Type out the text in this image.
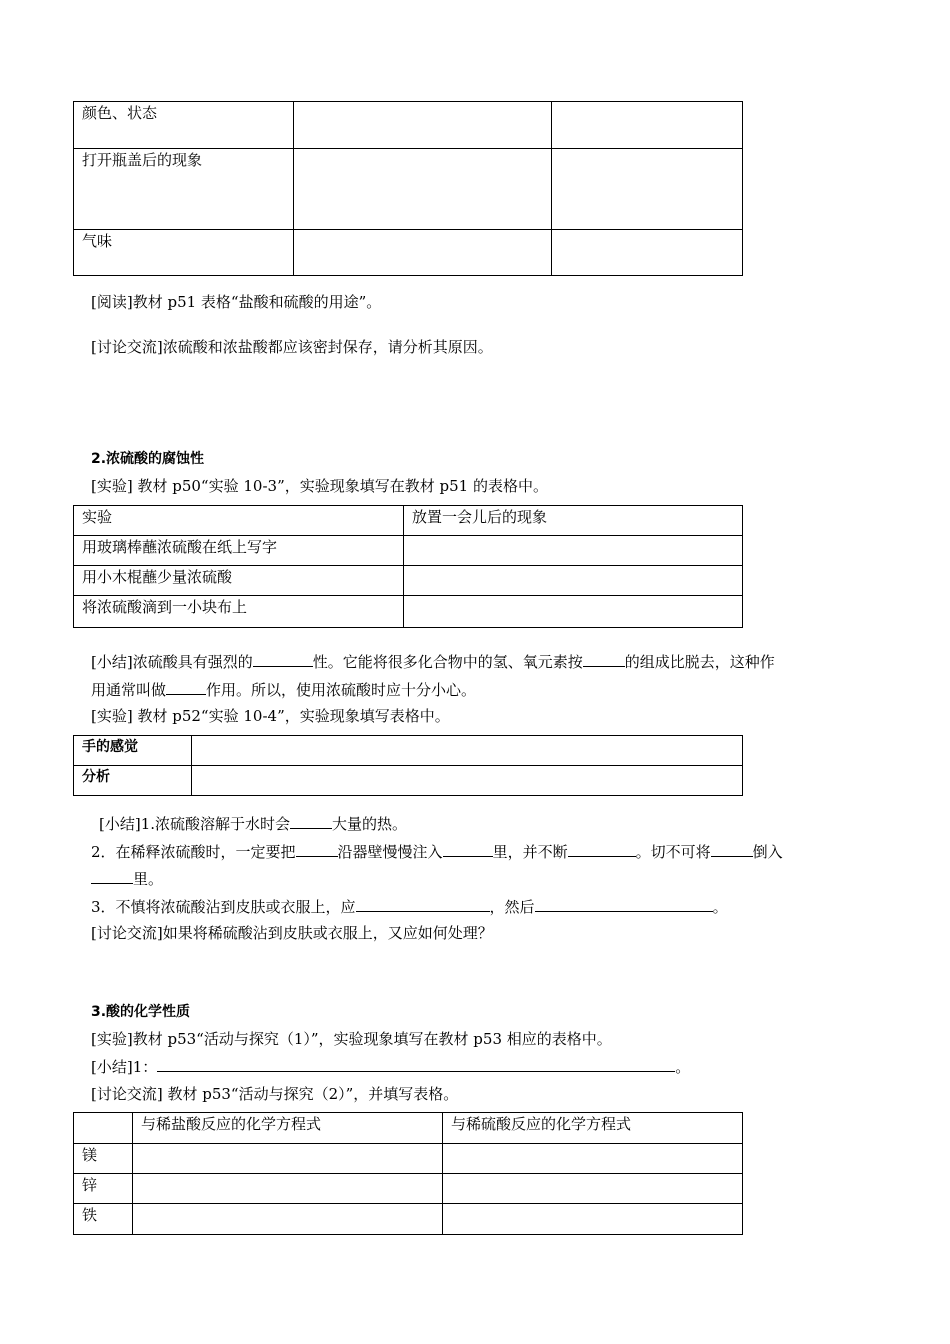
颜色、状态		
打开瓶盖后的现象		
气味		
[阅读]教材 p51 表格“盐酸和硫酸的用途”。
[讨论交流]浓硫酸和浓盐酸都应该密封保存，请分析其原因。
2.浓硫酸的腐蚀性
[实验] 教材 p50“实验 10-3”，实验现象填写在教材 p51 的表格中。
实验	放置一会儿后的现象
用玻璃棒蘸浓硫酸在纸上写字	
用小木棍蘸少量浓硫酸	
将浓硫酸滴到一小块布上	
[小结]浓硫酸具有强烈的	性。它能将很多化合物中的氢、氧元素按	的组成比脱去，这种作
用通常叫做	作用。所以，使用浓硫酸时应十分小心。
[实验] 教材 p52“实验 10-4”，实验现象填写表格中。
手的感觉	
分析	
[小结]1.浓硫酸溶解于水时会	大量的热。
2．在稀释浓硫酸时，一定要把	沿器壁慢慢注入	里，并不断	。切不可将	倒入
里。
3．不慎将浓硫酸沾到皮肤或衣服上，应	，然后	。
[讨论交流]如果将稀硫酸沾到皮肤或衣服上，又应如何处理？
3.酸的化学性质
[实验]教材 p53“活动与探究（1）”，实验现象填写在教材 p53 相应的表格中。
[小结]1：	。
[讨论交流] 教材 p53“活动与探究（2）”，并填写表格。
	与稀盐酸反应的化学方程式	与稀硫酸反应的化学方程式
镁		
锌		
铁		
